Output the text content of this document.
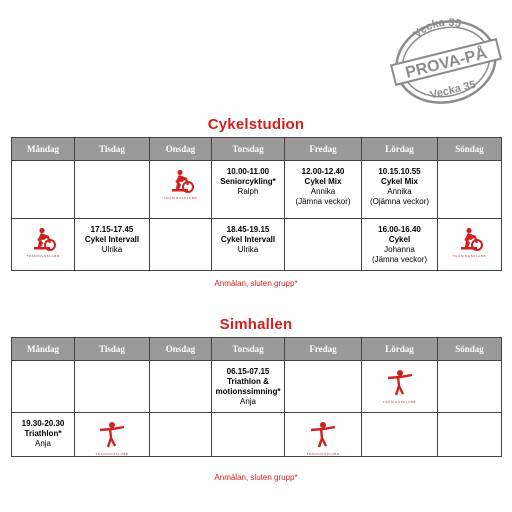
Vecka 35
PROVA-PÅ
Vecka 35
Cykelstudion
Måndag	Tisdag	Onsdag	Torsdag	Fredag	Lördag	Söndag

		TRÄNINGSKLUBB	10.00-11.00
Seniorcykling*
Ralph	12.00-12.40
Cykel Mix
Annika
(Jämna veckor)	10.15.10.55
Cykel Mix
Annika
(Ojämna veckor)	

TRÄNINGSKLUBB	17.15-17.45
Cykel Intervall
Ulrika		18.45-19.15
Cykel Intervall
Ulrika		16.00-16.40
Cykel
Johanna
(Jämna veckor)	TRÄNINGSKLUBB
Anmälan, sluten grupp*
Simhallen
Måndag	Tisdag	Onsdag	Torsdag	Fredag	Lördag	Söndag

			06.15-07.15
Triathlon & motionssimning*
Anja		TRÄNINGSKLUBB	

19.30-20.30
Triathlon*
Anja	TRÄNINGSKLUBB			TRÄNINGSKLUBB		

Anmälan, sluten grupp*
